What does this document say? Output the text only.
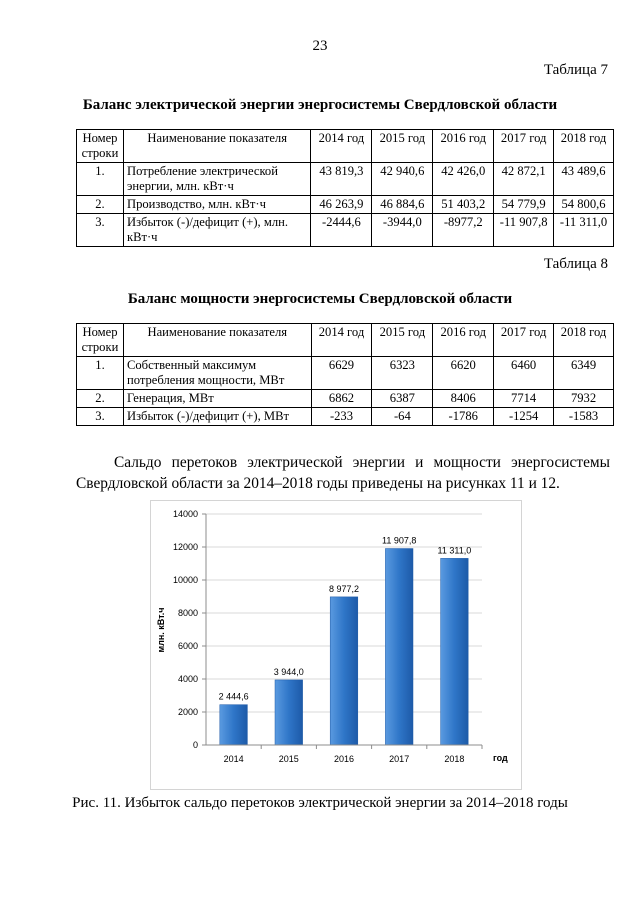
23
Таблица 7
Баланс электрической энергии энергосистемы Свердловской области
Номер строки	Наименование показателя	2014 год	2015 год	2016 год	2017 год	2018 год
1.	Потребление электрической энергии, млн. кВт·ч	43 819,3	42 940,6	42 426,0	42 872,1	43 489,6
2.	Производство, млн. кВт·ч	46 263,9	46 884,6	51 403,2	54 779,9	54 800,6
3.	Избыток (-)/дефицит (+), млн. кВт·ч	-2444,6	-3944,0	-8977,2	-11 907,8	-11 311,0
Таблица 8
Баланс мощности энергосистемы Свердловской области
Номер строки	Наименование показателя	2014 год	2015 год	2016 год	2017 год	2018 год
1.	Собственный максимум потребления мощности, МВт	6629	6323	6620	6460	6349
2.	Генерация, МВт	6862	6387	8406	7714	7932
3.	Избыток (-)/дефицит (+), МВт	-233	-64	-1786	-1254	-1583
Сальдо перетоков электрической энергии и мощности энергосистемы Свердловской области за 2014–2018 годы приведены на рисунках 11 и 12.
0
2000
4000
6000
8000
10000
12000
14000
2 444,6
2014
3 944,0
2015
8 977,2
2016
11 907,8
2017
11 311,0
2018
млн. кВт.ч
год
Рис. 11. Избыток сальдо перетоков электрической энергии за 2014–2018 годы
